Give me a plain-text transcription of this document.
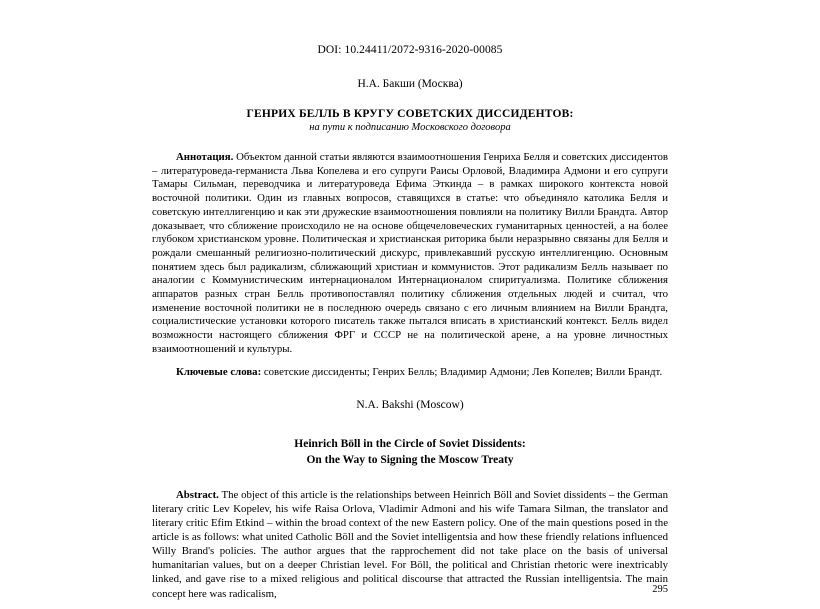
DOI: 10.24411/2072-9316-2020-00085
Н.А. Бакши (Москва)
ГЕНРИХ БЕЛЛЬ В КРУГУ СОВЕТСКИХ ДИССИДЕНТОВ:
на пути к подписанию Московского договора
Аннотация. Объектом данной статьи являются взаимоотношения Генриха Белля и советских диссидентов – литературоведа-германиста Льва Копелева и его супруги Раисы Орловой, Владимира Адмони и его супруги Тамары Сильман, переводчика и литературоведа Ефима Эткинда – в рамках широкого контекста новой восточной политики. Один из главных вопросов, ставящихся в статье: что объединяло католика Белля и советскую интеллигенцию и как эти дружеские взаимоотношения повлияли на политику Вилли Брандта. Автор доказывает, что сближение происходило не на основе общечеловеческих гуманитарных ценностей, а на более глубоком христианском уровне. Политическая и христианская риторика были неразрывно связаны для Белля и рождали смешанный религиозно-политический дискурс, привлекавший русскую интеллигенцию. Основным понятием здесь был радикализм, сближающий христиан и коммунистов. Этот радикализм Белль называет по аналогии с Коммунистическим интернационалом Интернационалом спиритуализма. Политике сближения аппаратов разных стран Белль противопоставлял политику сближения отдельных людей и считал, что изменение восточной политики не в последнюю очередь связано с его личным влиянием на Вилли Брандта, социалистические установки которого писатель также пытался вписать в христианский контекст. Белль видел возможности настоящего сближения ФРГ и СССР не на политической арене, а на уровне личностных взаимоотношений и культуры.
Ключевые слова: советские диссиденты; Генрих Белль; Владимир Адмони; Лев Копелев; Вилли Брандт.
N.A. Bakshi (Moscow)
Heinrich Böll in the Circle of Soviet Dissidents:
On the Way to Signing the Moscow Treaty
Abstract. The object of this article is the relationships between Heinrich Böll and Soviet dissidents – the German literary critic Lev Kopelev, his wife Raisa Orlova, Vladimir Admoni and his wife Tamara Silman, the translator and literary critic Efim Etkind – within the broad context of the new Eastern policy. One of the main questions posed in the article is as follows: what united Catholic Böll and the Soviet intelligentsia and how these friendly relations influenced Willy Brand's policies. The author argues that the rapprochement did not take place on the basis of universal humanitarian values, but on a deeper Christian level. For Böll, the political and Christian rhetoric were inextricably linked, and gave rise to a mixed religious and political discourse that attracted the Russian intelligentsia. The main concept here was radicalism,	295
